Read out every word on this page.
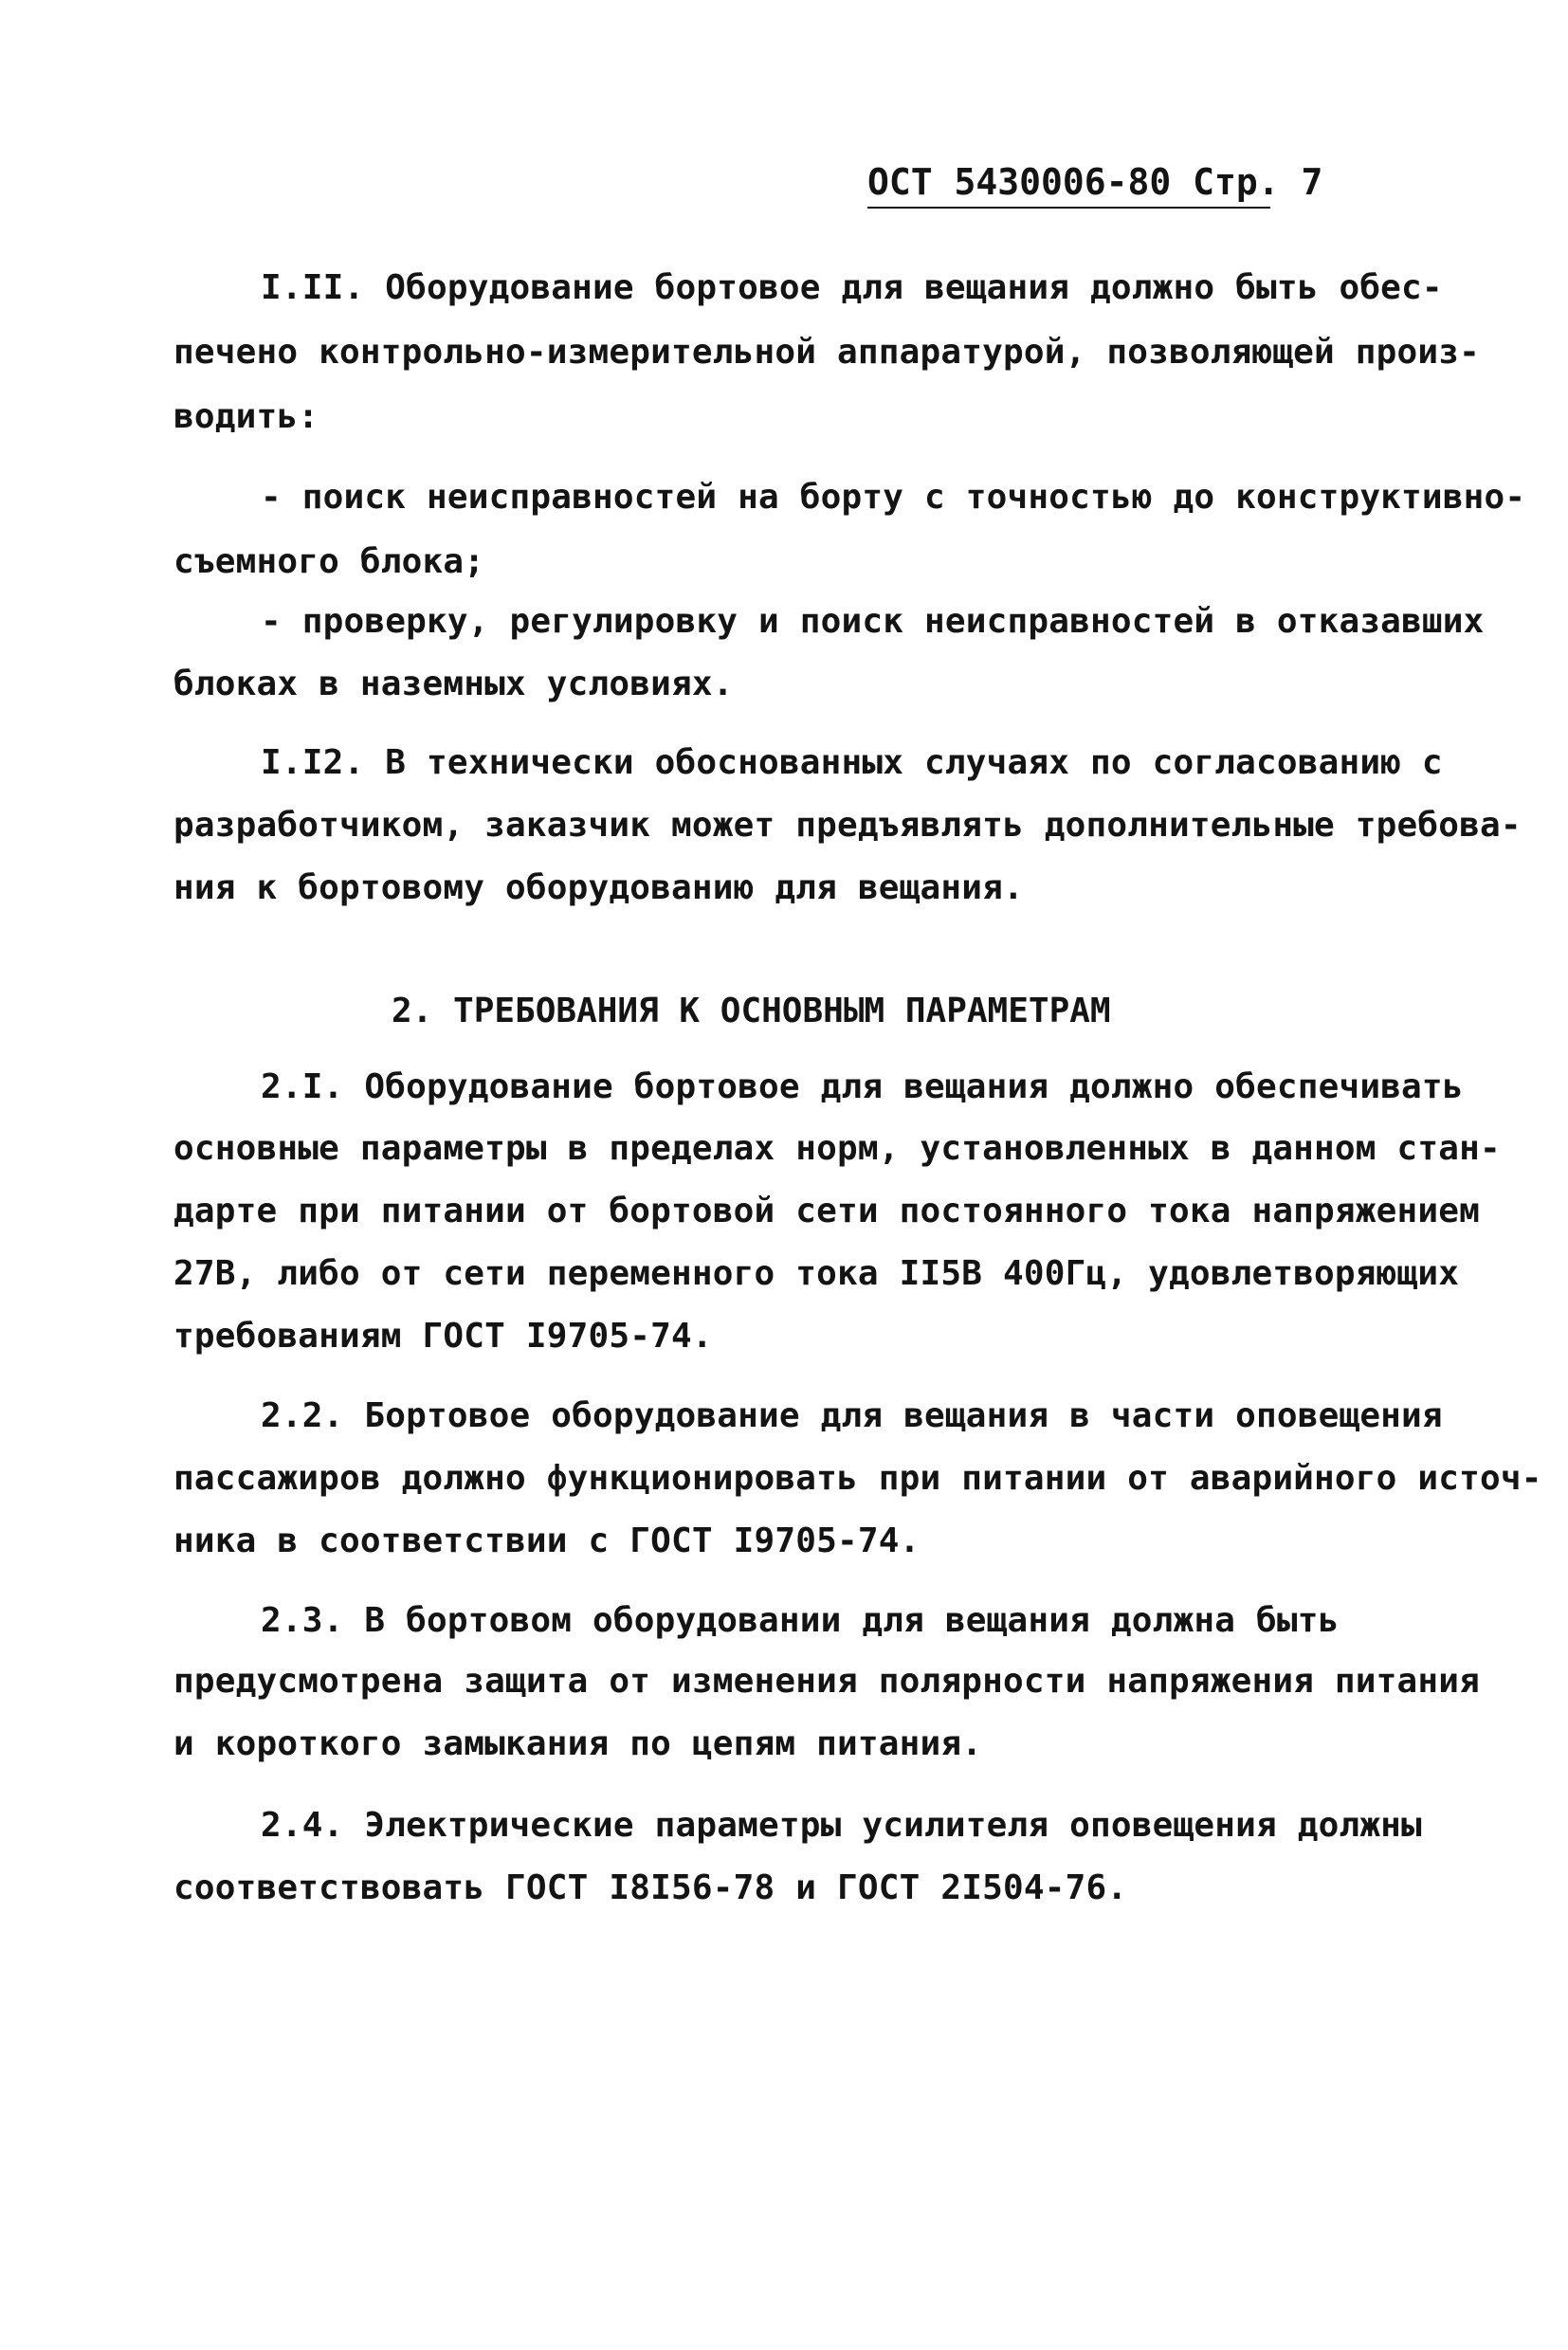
ОСТ 5430006-80 Стр. 7
I.II. Оборудование бортовое для вещания должно быть обес-
печено контрольно-измерительной аппаратурой, позволяющей произ-
водить:
- поиск неисправностей на борту с точностью до конструктивно-
съемного блока;
- проверку, регулировку и поиск неисправностей в отказавших
блоках в наземных условиях.
I.I2. В технически обоснованных случаях по согласованию с
разработчиком, заказчик может предъявлять дополнительные требова-
ния к бортовому оборудованию для вещания.
2. ТРЕБОВАНИЯ К ОСНОВНЫМ ПАРАМЕТРАМ
2.I. Оборудование бортовое для вещания должно обеспечивать
основные параметры в пределах норм, установленных в данном стан-
дарте при питании от бортовой сети постоянного тока напряжением
27В, либо от сети переменного тока II5В 400Гц, удовлетворяющих
требованиям ГОСТ I9705-74.
2.2. Бортовое оборудование для вещания в части оповещения
пассажиров должно функционировать при питании от аварийного источ-
ника в соответствии с ГОСТ I9705-74.
2.3. В бортовом оборудовании для вещания должна быть
предусмотрена защита от изменения полярности напряжения питания
и короткого замыкания по цепям питания.
2.4. Электрические параметры усилителя оповещения должны
соответствовать ГОСТ I8I56-78 и ГОСТ 2I504-76.
